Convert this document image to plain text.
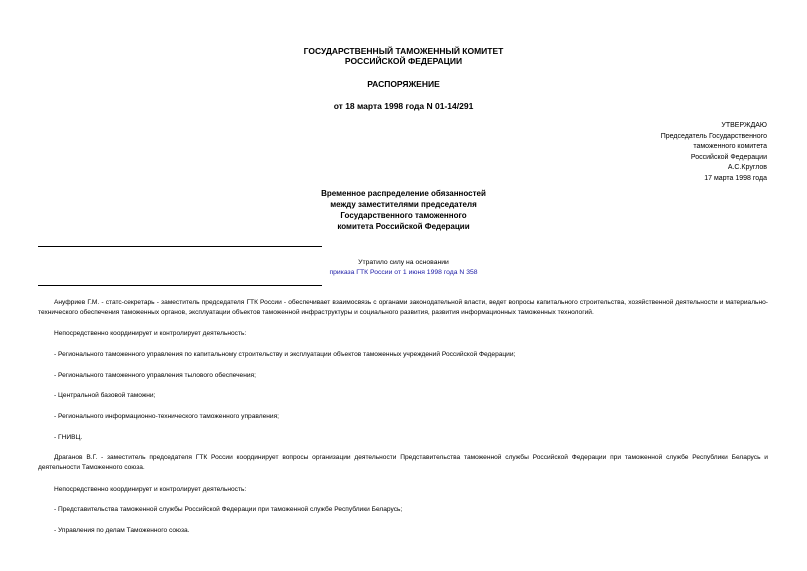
ГОСУДАРСТВЕННЫЙ ТАМОЖЕННЫЙ КОМИТЕТ
РОССИЙСКОЙ ФЕДЕРАЦИИ
РАСПОРЯЖЕНИЕ
от 18 марта 1998 года N 01-14/291
УТВЕРЖДАЮ
Председатель Государственного
таможенного комитета
Российской Федерации
А.С.Круглов
17 марта 1998 года
Временное распределение обязанностей
между заместителями председателя
Государственного таможенного
комитета Российской Федерации
Утратило силу на основании
приказа ГТК России от 1 июня 1998 года N 358
Ануфриев Г.М. - статс-секретарь - заместитель председателя ГТК России - обеспечивает взаимосвязь с органами законодательной власти, ведет вопросы капитального строительства, хозяйственной деятельности и материально-технического обеспечения таможенных органов, эксплуатации объектов таможенной инфраструктуры и социального развития, развития информационных таможенных технологий.
Непосредственно координирует и контролирует деятельность:
- Регионального таможенного управления по капитальному строительству и эксплуатации объектов таможенных учреждений Российской Федерации;
- Регионального таможенного управления тылового обеспечения;
- Центральной базовой таможни;
- Регионального информационно-технического таможенного управления;
- ГНИВЦ.
Драганов В.Г. - заместитель председателя ГТК России координирует вопросы организации деятельности Представительства таможенной службы Российской Федерации при таможенной службе Республики Беларусь и деятельности Таможенного союза.
Непосредственно координирует и контролирует деятельность:
- Представительства таможенной службы Российской Федерации при таможенной службе Республики Беларусь;
- Управления по делам Таможенного союза.
